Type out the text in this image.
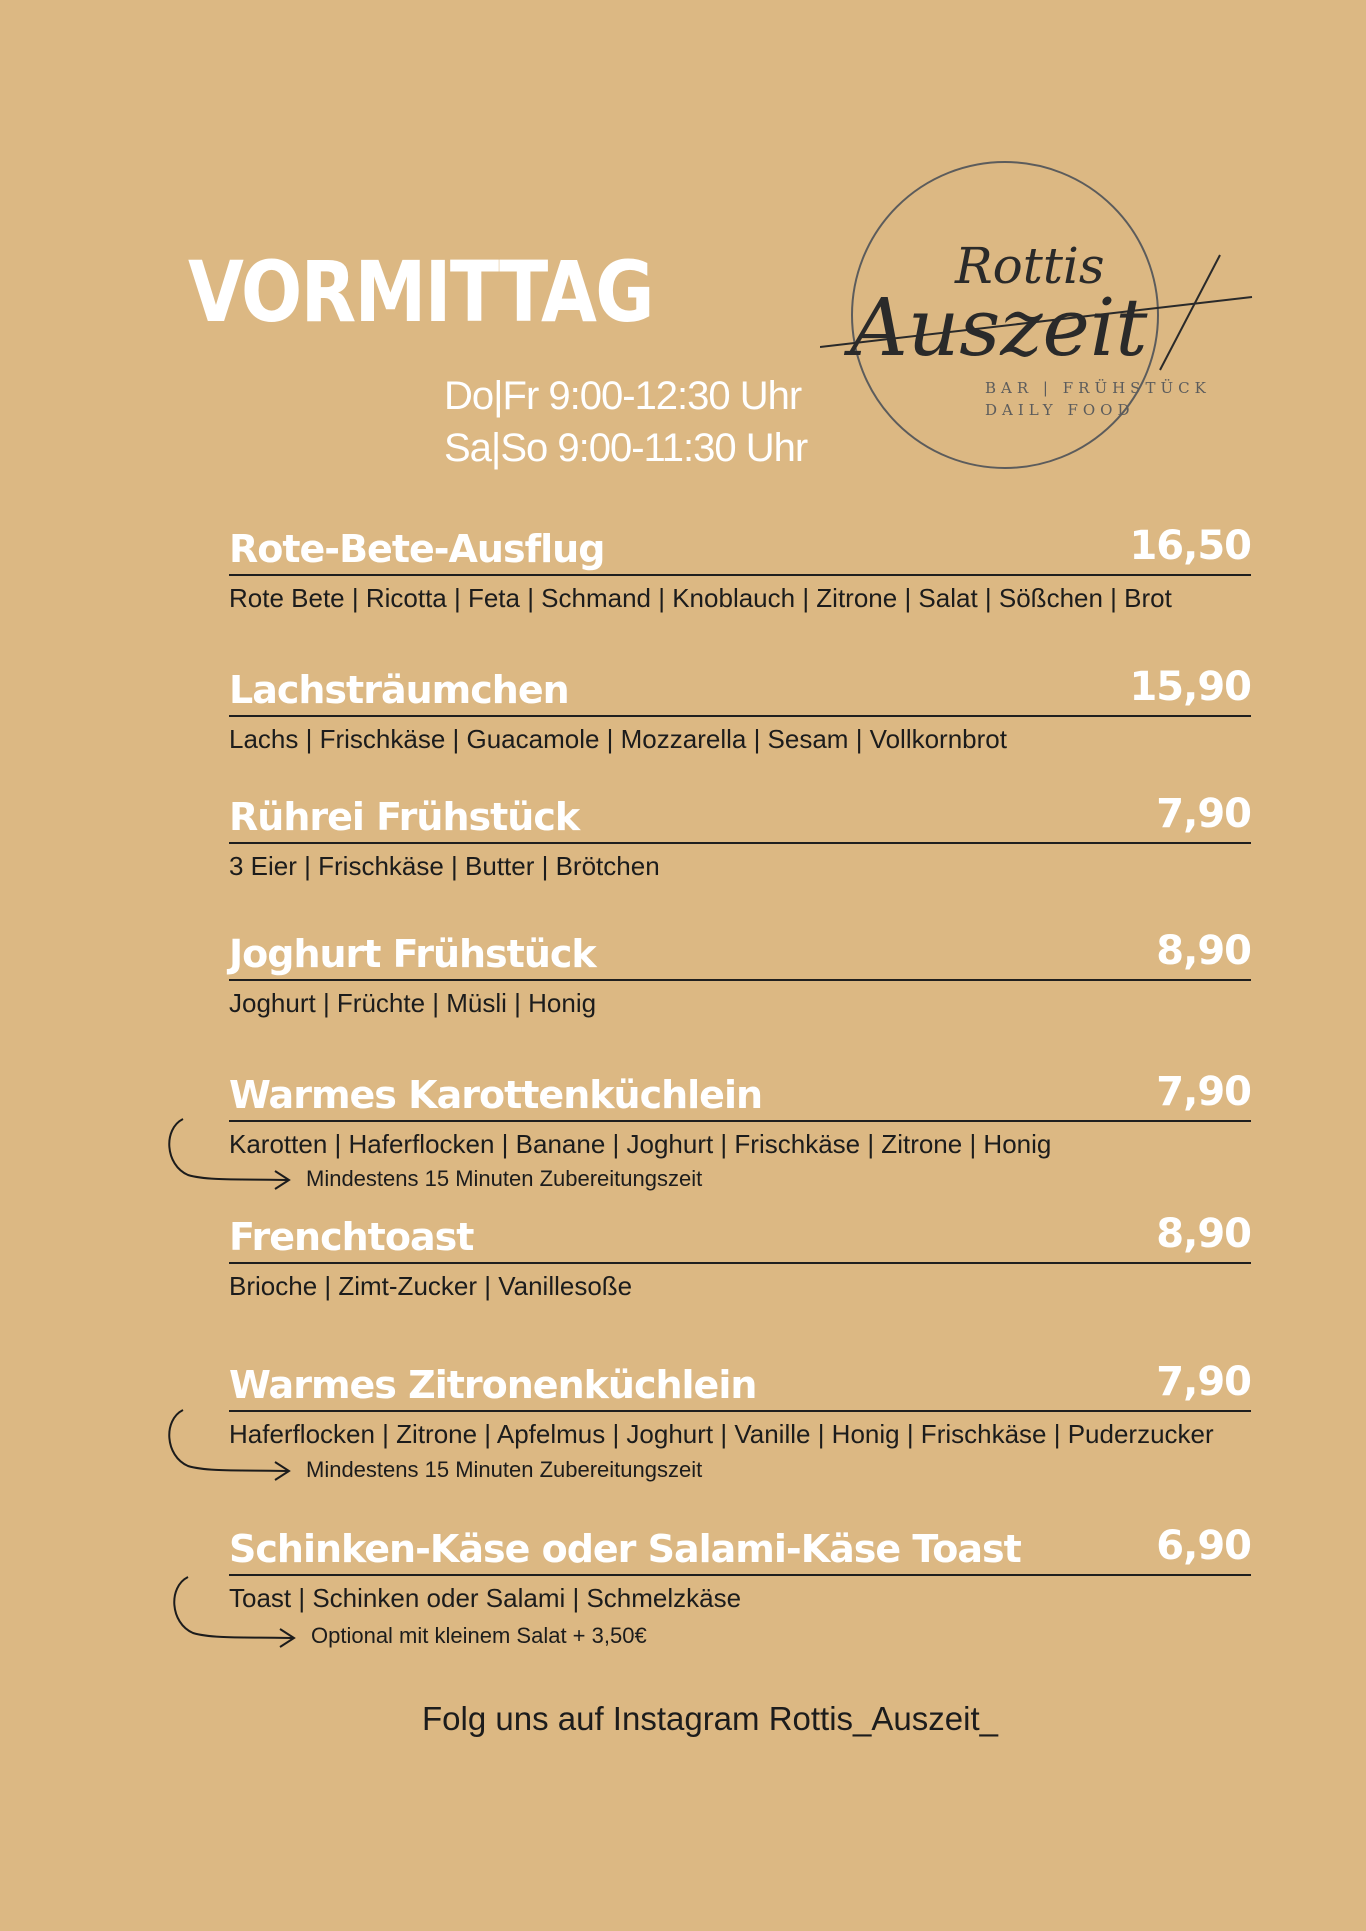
VORMITTAG
Do|Fr 9:00-12:30 Uhr
Sa|So 9:00-11:30 Uhr
Rottis
Auszeit
BAR | FRÜHSTÜCK
DAILY FOOD
Rote-Bete-Ausflug	16,50
Rote Bete | Ricotta | Feta | Schmand | Knoblauch | Zitrone | Salat | Sößchen | Brot
Lachsträumchen	15,90
Lachs | Frischkäse | Guacamole | Mozzarella | Sesam | Vollkornbrot
Rührei Frühstück	7,90
3 Eier | Frischkäse | Butter | Brötchen
Joghurt Frühstück	8,90
Joghurt | Früchte | Müsli | Honig
Warmes Karottenküchlein	7,90
Karotten | Haferflocken | Banane | Joghurt | Frischkäse | Zitrone | Honig
Mindestens 15 Minuten Zubereitungszeit
Frenchtoast	8,90
Brioche | Zimt-Zucker | Vanillesoße
Warmes Zitronenküchlein	7,90
Haferflocken | Zitrone | Apfelmus | Joghurt | Vanille | Honig | Frischkäse | Puderzucker
Mindestens 15 Minuten Zubereitungszeit
Schinken-Käse oder Salami-Käse Toast	6,90
Toast | Schinken oder Salami | Schmelzkäse
Optional mit kleinem Salat + 3,50€
Folg uns auf Instagram Rottis_Auszeit_
